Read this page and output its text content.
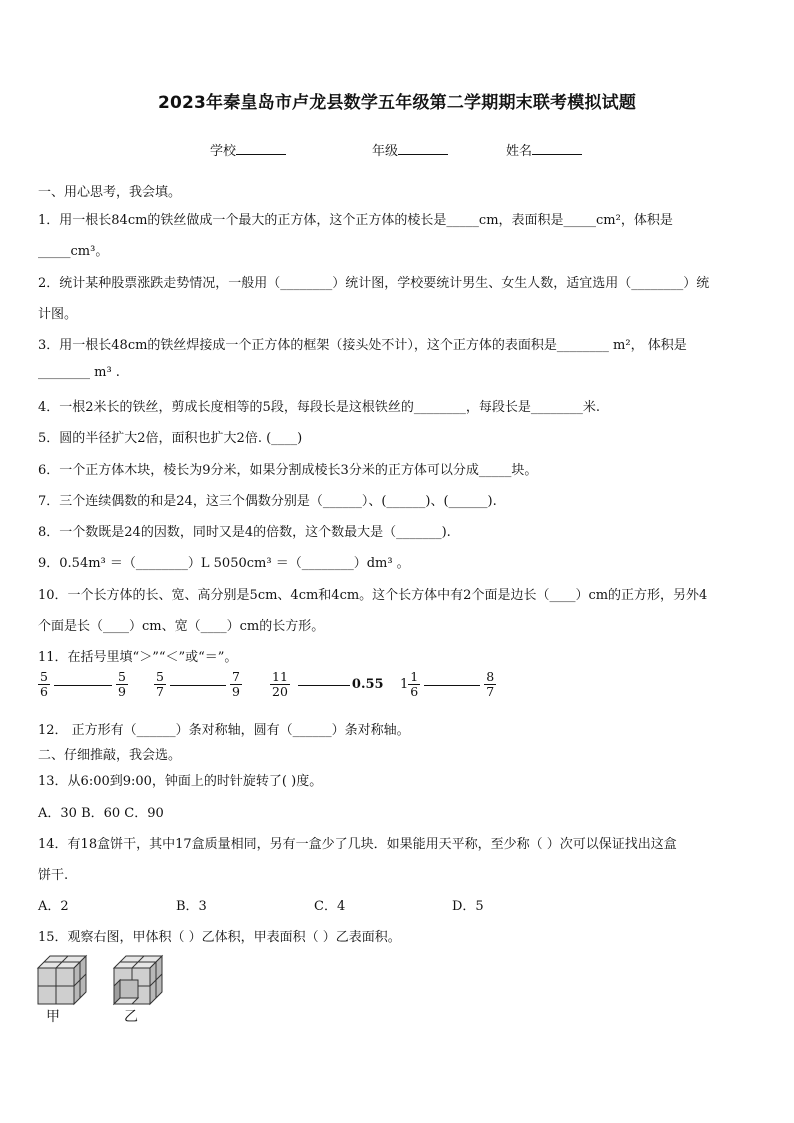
2023年秦皇岛市卢龙县数学五年级第二学期期末联考模拟试题
学校	年级	姓名
一、用心思考，我会填。
1．用一根长84cm的铁丝做成一个最大的正方体，这个正方体的棱长是_____cm，表面积是_____cm²，体积是
_____cm³。
2．统计某种股票涨跌走势情况，一般用（________）统计图，学校要统计男生、女生人数，适宜选用（________）统
计图。
3．用一根长48cm的铁丝焊接成一个正方体的框架（接头处不计），这个正方体的表面积是________ m²， 体积是
________ m³ .
4．一根2米长的铁丝，剪成长度相等的5段，每段长是这根铁丝的________，每段长是________米.
5．圆的半径扩大2倍，面积也扩大2倍. (____)
6．一个正方体木块，棱长为9分米，如果分割成棱长3分米的正方体可以分成_____块。
7．三个连续偶数的和是24，这三个偶数分别是（______）、(______)、(______).
8．一个数既是24的因数，同时又是4的倍数，这个数最大是（_______).
9．0.54m³ ＝（________）L 5050cm³ ＝（________）dm³ 。
10．一个长方体的长、宽、高分别是5cm、4cm和4cm。这个长方体中有2个面是边长（____）cm的正方形，另外4
个面是长（____）cm、宽（____）cm的长方形。
11．在括号里填“＞”“＜”或“＝”。
$\frac{5}{6}$	$\frac{5}{9} \frac{5}{7}$	$\frac{7}{9} \frac{11}{20}$	0.55 $1 \frac{1}{6}$	$\frac{8}{7}$
12． 正方形有（______）条对称轴，圆有（______）条对称轴。
二、仔细推敲，我会选。
13．从6:00到9:00，钟面上的时针旋转了( )度。
A．30 B．60 C．90
14．有18盒饼干，其中17盒质量相同，另有一盒少了几块．如果能用天平称，至少称（ ）次可以保证找出这盒
饼干.
A．2	B．3	C．4	D．5
15．观察右图，甲体积（ ）乙体积，甲表面积（ ）乙表面积。
甲	乙
